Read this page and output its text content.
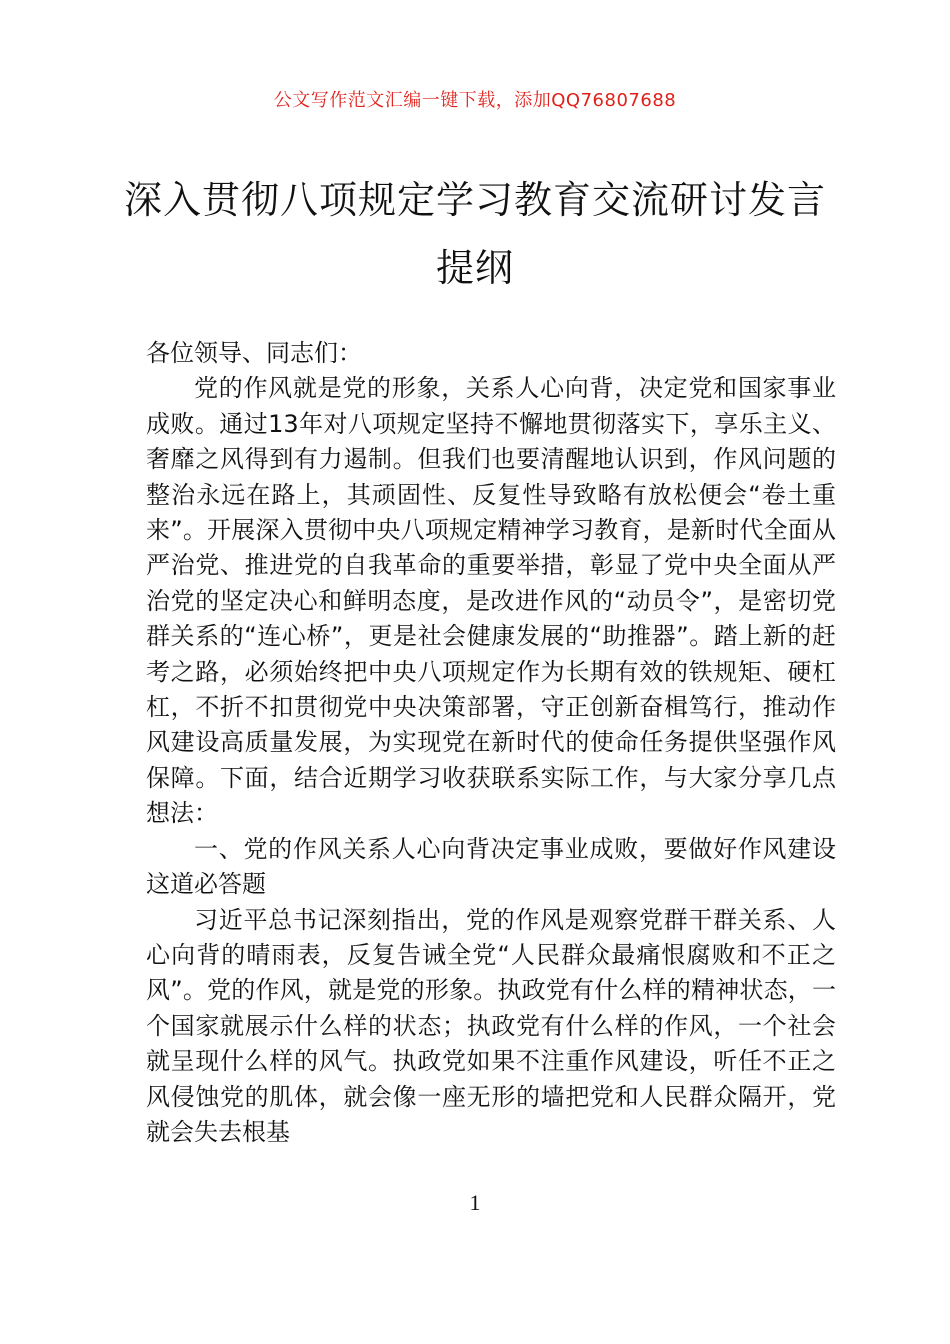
公文写作范文汇编一键下载，添加QQ76807688
深入贯彻八项规定学习教育交流研讨发言提纲

各位领导、同志们：

党的作风就是党的形象，关系人心向背，决定党和国家事业成败。通过13年对八项规定坚持不懈地贯彻落实下，享乐主义、奢靡之风得到有力遏制。但我们也要清醒地认识到，作风问题的整治永远在路上，其顽固性、反复性导致略有放松便会“卷土重来”。开展深入贯彻中央八项规定精神学习教育，是新时代全面从严治党、推进党的自我革命的重要举措，彰显了党中央全面从严治党的坚定决心和鲜明态度，是改进作风的“动员令”，是密切党群关系的“连心桥”，更是社会健康发展的“助推器”。踏上新的赶考之路，必须始终把中央八项规定作为长期有效的铁规矩、硬杠杠，不折不扣贯彻党中央决策部署，守正创新奋楫笃行，推动作风建设高质量发展，为实现党在新时代的使命任务提供坚强作风保障。下面，结合近期学习收获联系实际工作，与大家分享几点想法：

一、党的作风关系人心向背决定事业成败，要做好作风建设这道必答题

习近平总书记深刻指出，党的作风是观察党群干群关系、人心向背的晴雨表，反复告诫全党“人民群众最痛恨腐败和不正之风”。党的作风，就是党的形象。执政党有什么样的精神状态，一个国家就展示什么样的状态；执政党有什么样的作风，一个社会就呈现什么样的风气。执政党如果不注重作风建设，听任不正之风侵蚀党的肌体，就会像一座无形的墙把党和人民群众隔开，党就会失去根基

1
